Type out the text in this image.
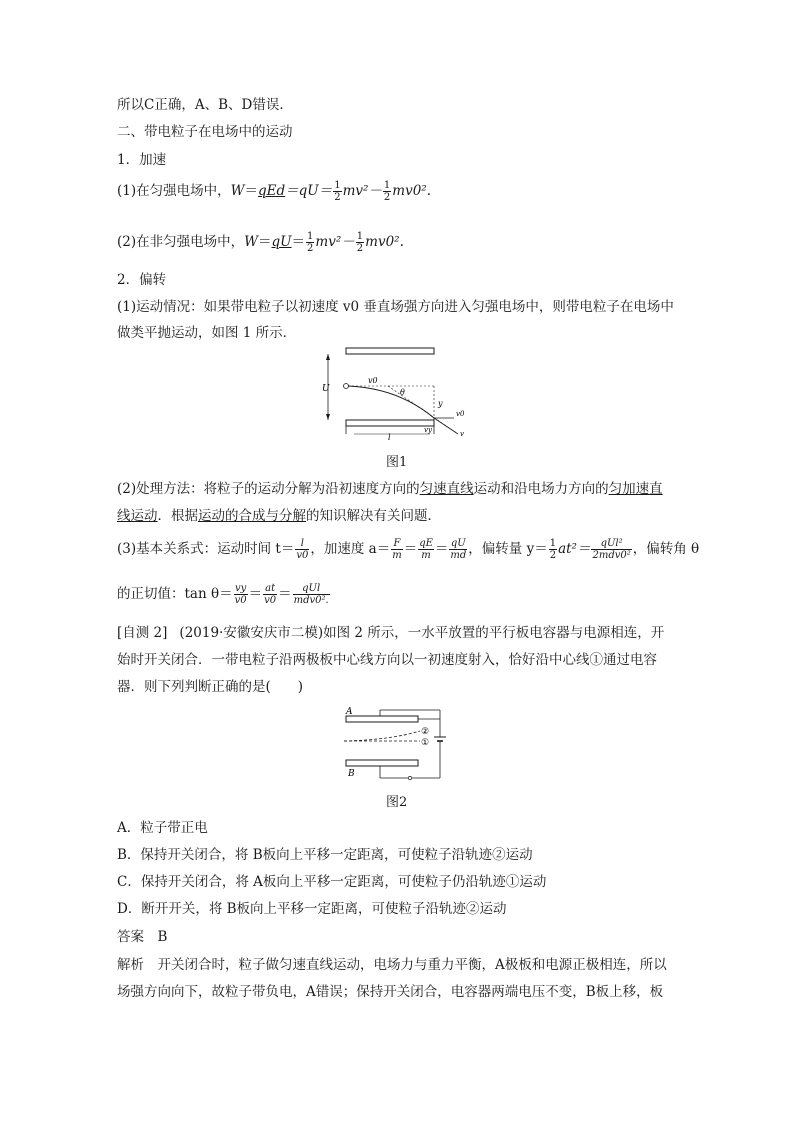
所以C正确，A、B、D错误．
二、带电粒子在电场中的运动
1．加速
(1)在匀强电场中，$W=qEd=qU= \frac{1}{2} mv^2- \frac{1}{2} mv0^2$.
(2)在非匀强电场中，$W=qU= \frac{1}{2} mv^2- \frac{1}{2} mv0^2$.
2．偏转
(1)运动情况：如果带电粒子以初速度 v0 垂直场强方向进入匀强电场中，则带电粒子在电场中
做类平抛运动，如图 1 所示．
U
v0
θ
y
l
v0
vy	v
图1
(2)处理方法：将粒子的运动分解为沿初速度方向的匀速直线运动和沿电场力方向的匀加速直
线运动．根据运动的合成与分解的知识解决有关问题．
(3)基本关系式：运动时间 $t= \frac{l}{v0}$ ，加速度 $a= \frac{F}{m} = \frac{qE}{m} = \frac{qU}{md}$ ，偏转量 $y= \frac{1}{2} at^2= \frac{\text{qUl²}}{\text{2mdv0²}}$ ，偏转角 θ
的正切值：$\tan \theta= \frac{vy}{v0} = \frac{at}{v0} = \frac{\text{qUl}}{\text{mdv0².}}$
[自测 2] (2019·安徽安庆市二模)如图 2 所示，一水平放置的平行板电容器与电源相连，开
始时开关闭合．一带电粒子沿两极板中心线方向以一初速度射入，恰好沿中心线①通过电容
器．则下列判断正确的是(　　)
A
B
②
①
图2
A．粒子带正电
B．保持开关闭合，将 B板向上平移一定距离，可使粒子沿轨迹②运动
C．保持开关闭合，将 A板向上平移一定距离，可使粒子仍沿轨迹①运动
D．断开开关，将 B板向上平移一定距离，可使粒子沿轨迹②运动
答案　B
解析　开关闭合时，粒子做匀速直线运动，电场力与重力平衡，A极板和电源正极相连，所以
场强方向向下，故粒子带负电，A错误；保持开关闭合，电容器两端电压不变，B板上移，板
